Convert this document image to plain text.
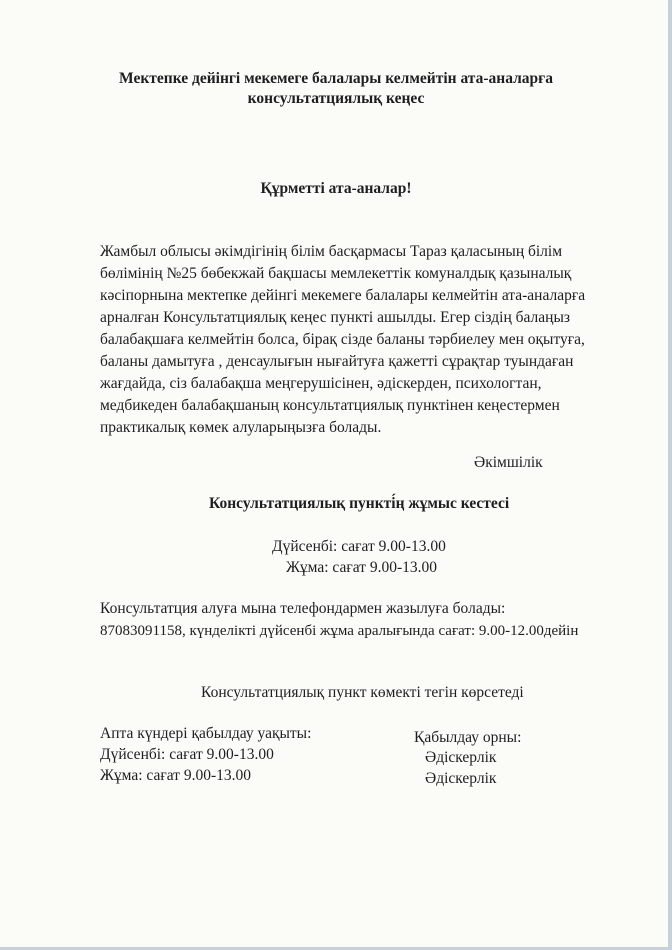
Мектепке дейінгі мекемеге балалары келмейтін ата-аналарға
консультатциялық кеңес
Құрметті ата-аналар!
Жамбыл облысы әкімдігінің білім басқармасы Тараз қаласының білім
бөлімінің №25 бөбекжай бақшасы мемлекеттік комуналдық қазыналық
кәсіпорнына мектепке дейінгі мекемеге балалары келмейтін ата-аналарға
арналған Консультатциялық кеңес пункті ашылды. Егер сіздің балаңыз
балабақшаға келмейтін болса, бірақ сізде баланы тәрбиелеу мен оқытуға,
баланы дамытуға , денсаулығын нығайтуға қажетті сұрақтар туындаған
жағдайда, сіз балабақша меңгерушісінен, әдіскерден, психологтан,
медбикеден балабақшаның консультатциялық пунктінен кеңестермен
практикалық көмек алуларыңызға болады.
Әкімшілік
Консультатциялық пункті́ң жұмыс кестесі
Дүйсенбі: сағат 9.00-13.00
Жұма: сағат 9.00-13.00
Консультатция алуға мына телефондармен жазылуға болады:
87083091158, күнделікті дүйсенбі жұма аралығында сағат: 9.00-12.00дейін
Консультатциялық пункт көмекті тегін көрсетеді
Апта күндері қабылдау уақыты:
Дүйсенбі: сағат 9.00-13.00
Жұма: сағат 9.00-13.00
Қабылдау орны:
Әдіскерлік
Әдіскерлік
